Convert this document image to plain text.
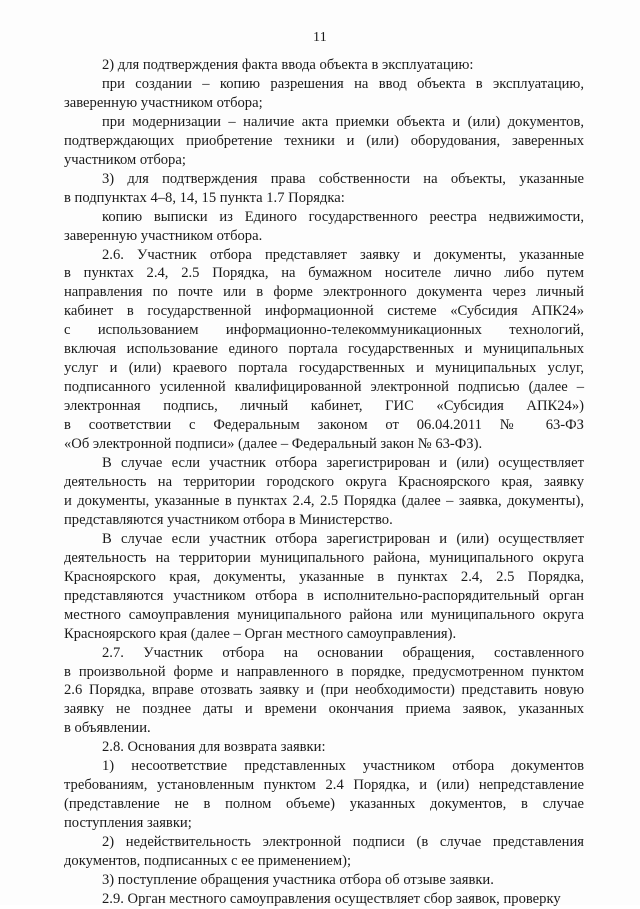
11

2) для подтверждения факта ввода объекта в эксплуатацию:

при создании – копию разрешения на ввод объекта в эксплуатацию,
заверенную участником отбора;

при модернизации – наличие акта приемки объекта и (или) документов,
подтверждающих приобретение техники и (или) оборудования, заверенных
участником отбора;

3) для подтверждения права собственности на объекты, указанные
в подпунктах 4–8, 14, 15 пункта 1.7 Порядка:

копию выписки из Единого государственного реестра недвижимости,
заверенную участником отбора.

2.6. Участник отбора представляет заявку и документы, указанные
в пунктах 2.4, 2.5 Порядка, на бумажном носителе лично либо путем
направления по почте или в форме электронного документа через личный
кабинет в государственной информационной системе «Субсидия АПК24»
с использованием информационно-телекоммуникационных технологий,
включая использование единого портала государственных и муниципальных
услуг и (или) краевого портала государственных и муниципальных услуг,
подписанного усиленной квалифицированной электронной подписью (далее –
электронная подпись, личный кабинет, ГИС «Субсидия АПК24»)
в соответствии с Федеральным законом от 06.04.2011 № 63-ФЗ
«Об электронной подписи» (далее – Федеральный закон № 63-ФЗ).

В случае если участник отбора зарегистрирован и (или) осуществляет
деятельность на территории городского округа Красноярского края, заявку
и документы, указанные в пунктах 2.4, 2.5 Порядка (далее – заявка, документы),
представляются участником отбора в Министерство.

В случае если участник отбора зарегистрирован и (или) осуществляет
деятельность на территории муниципального района, муниципального округа
Красноярского края, документы, указанные в пунктах 2.4, 2.5 Порядка,
представляются участником отбора в исполнительно-распорядительный орган
местного самоуправления муниципального района или муниципального округа
Красноярского края (далее – Орган местного самоуправления).

2.7. Участник отбора на основании обращения, составленного
в произвольной форме и направленного в порядке, предусмотренном пунктом
2.6 Порядка, вправе отозвать заявку и (при необходимости) представить новую
заявку не позднее даты и времени окончания приема заявок, указанных
в объявлении.

2.8. Основания для возврата заявки:

1) несоответствие представленных участником отбора документов
требованиям, установленным пунктом 2.4 Порядка, и (или) непредставление
(представление не в полном объеме) указанных документов, в случае
поступления заявки;

2) недействительность электронной подписи (в случае представления
документов, подписанных с ее применением);

3) поступление обращения участника отбора об отзыве заявки.

2.9. Орган местного самоуправления осуществляет сбор заявок, проверку
